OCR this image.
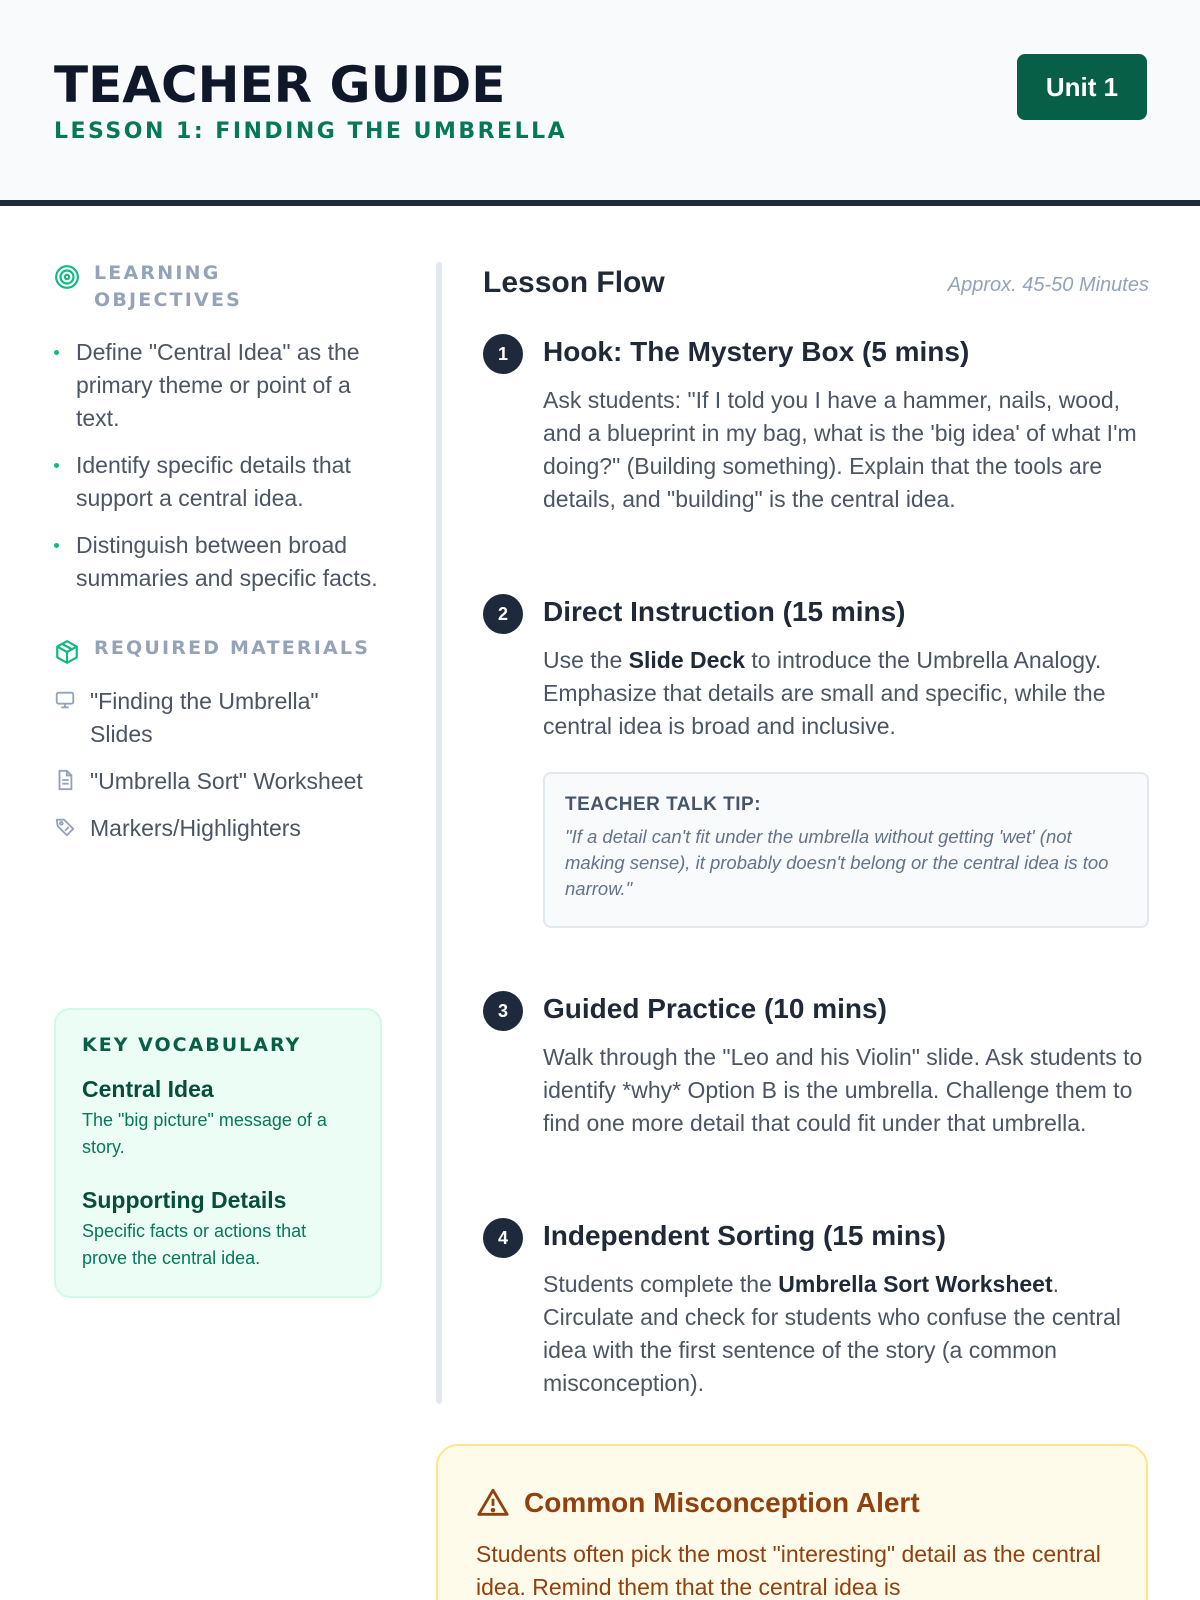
TEACHER GUIDE
LESSON 1: FINDING THE UMBRELLA
Unit 1
LEARNING
OBJECTIVES
Define "Central Idea" as the primary theme or point of a text.
Identify specific details that support a central idea.
Distinguish between broad summaries and specific facts.
REQUIRED MATERIALS
"Finding the Umbrella" Slides
"Umbrella Sort" Worksheet
Markers/Highlighters
KEY VOCABULARY
Central Idea
The "big picture" message of a story.
Supporting Details
Specific facts or actions that prove the central idea.
Lesson Flow	Approx. 45-50 Minutes
1	Hook: The Mystery Box (5 mins)
Ask students: "If I told you I have a hammer, nails, wood, and a blueprint in my bag, what is the 'big idea' of what I'm doing?" (Building something). Explain that the tools are details, and "building" is the central idea.
2	Direct Instruction (15 mins)
Use the Slide Deck to introduce the Umbrella Analogy. Emphasize that details are small and specific, while the central idea is broad and inclusive.
TEACHER TALK TIP:
"If a detail can't fit under the umbrella without getting 'wet' (not making sense), it probably doesn't belong or the central idea is too narrow."
3	Guided Practice (10 mins)
Walk through the "Leo and his Violin" slide. Ask students to identify *why* Option B is the umbrella. Challenge them to find one more detail that could fit under that umbrella.
4	Independent Sorting (15 mins)
Students complete the Umbrella Sort Worksheet. Circulate and check for students who confuse the central idea with the first sentence of the story (a common misconception).
Common Misconception Alert
Students often pick the most "interesting" detail as the central idea. Remind them that the central idea is
